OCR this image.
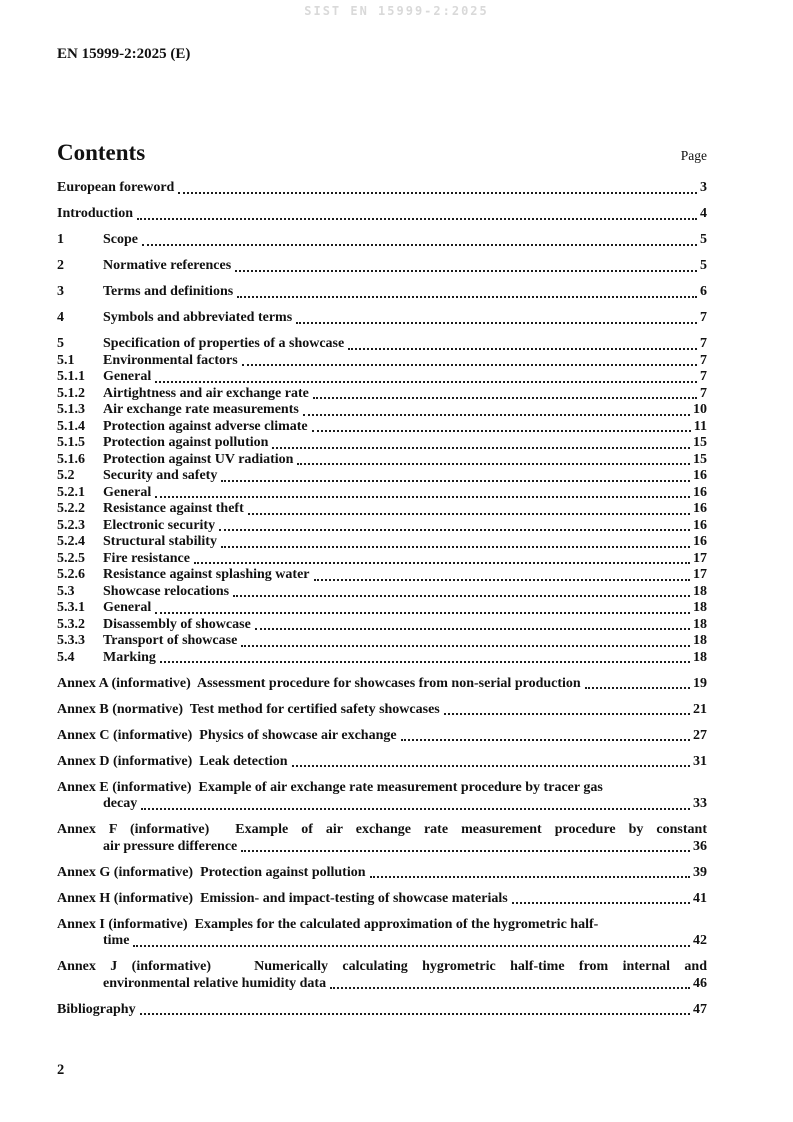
SIST EN 15999-2:2025
EN 15999-2:2025 (E)
Contents	Page
European foreword	3
Introduction	4
1	Scope	5
2	Normative references	5
3	Terms and definitions	6
4	Symbols and abbreviated terms	7
5	Specification of properties of a showcase	7
5.1	Environmental factors	7
5.1.1	General	7
5.1.2	Airtightness and air exchange rate	7
5.1.3	Air exchange rate measurements	10
5.1.4	Protection against adverse climate	11
5.1.5	Protection against pollution	15
5.1.6	Protection against UV radiation	15
5.2	Security and safety	16
5.2.1	General	16
5.2.2	Resistance against theft	16
5.2.3	Electronic security	16
5.2.4	Structural stability	16
5.2.5	Fire resistance	17
5.2.6	Resistance against splashing water	17
5.3	Showcase relocations	18
5.3.1	General	18
5.3.2	Disassembly of showcase	18
5.3.3	Transport of showcase	18
5.4	Marking	18
Annex A (informative)  Assessment procedure for showcases from non-serial production	19
Annex B (normative)  Test method for certified safety showcases	21
Annex C (informative)  Physics of showcase air exchange	27
Annex D (informative)  Leak detection	31
Annex E (informative)  Example of air exchange rate measurement procedure by tracer gas
decay	33
Annex F (informative)  Example of air exchange rate measurement procedure by constant
air pressure difference	36
Annex G (informative)  Protection against pollution	39
Annex H (informative)  Emission- and impact-testing of showcase materials	41
Annex I (informative)  Examples for the calculated approximation of the hygrometric half-
time	42
Annex J (informative)   Numerically calculating hygrometric half-time from internal and
environmental relative humidity data	46
Bibliography	47
2
